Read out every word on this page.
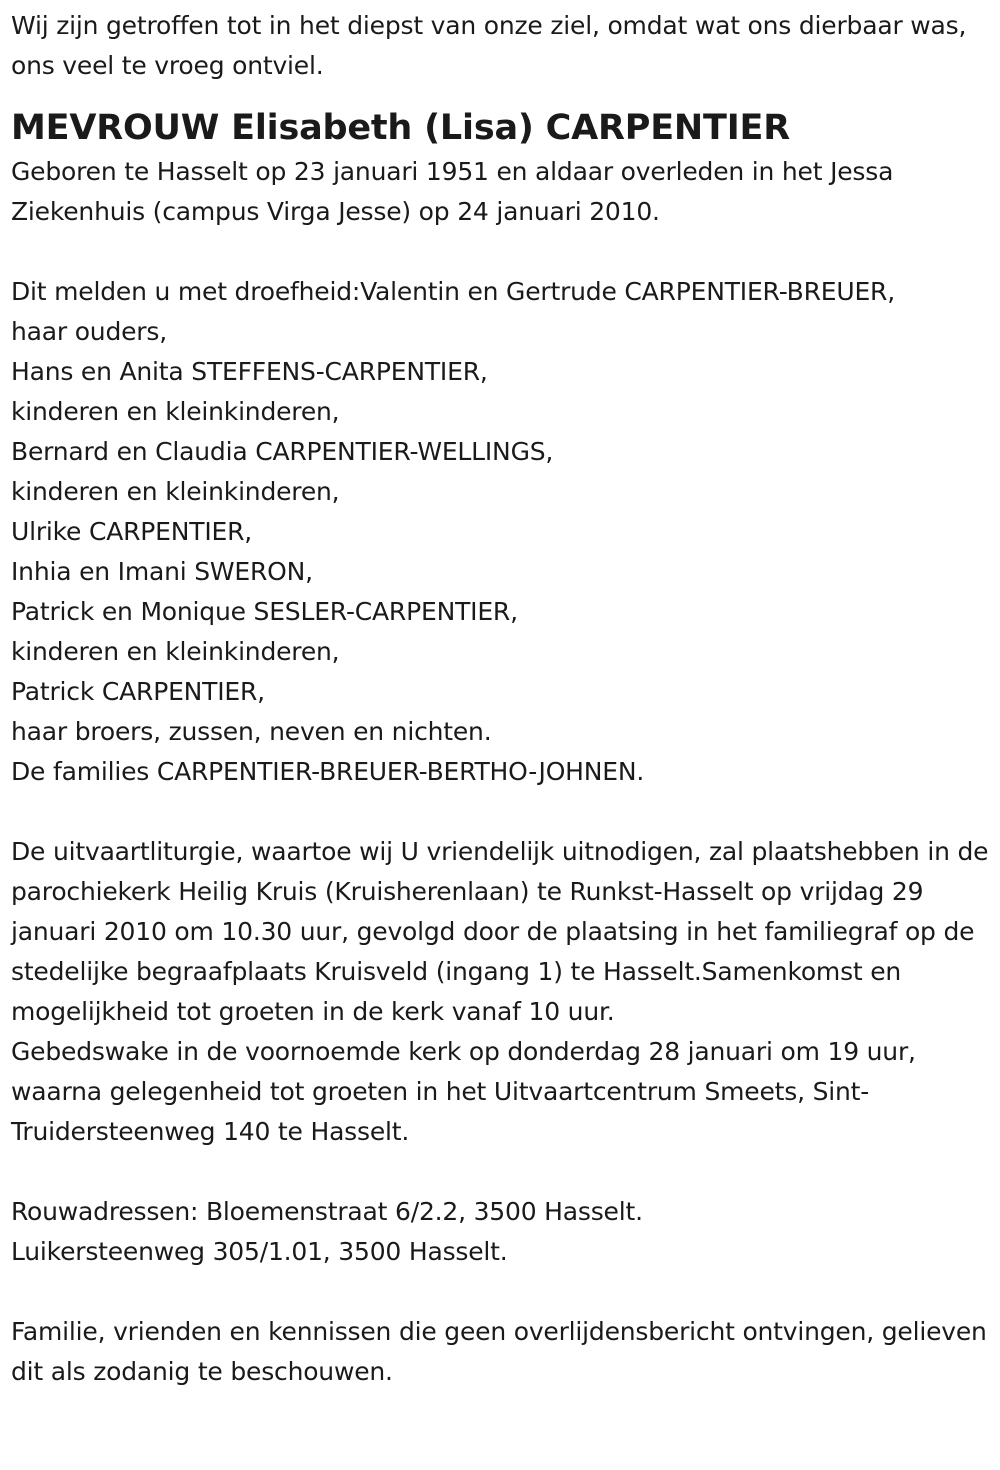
Wij zijn getroffen tot in het diepst van onze ziel, omdat wat ons dierbaar was, ons veel te vroeg ontviel.

MEVROUW Elisabeth (Lisa) CARPENTIER

Geboren te Hasselt op 23 januari 1951 en aldaar overleden in het Jessa Ziekenhuis (campus Virga Jesse) op 24 januari 2010.

Dit melden u met droefheid:Valentin en Gertrude CARPENTIER-BREUER,
haar ouders,
Hans en Anita STEFFENS-CARPENTIER,
kinderen en kleinkinderen,
Bernard en Claudia CARPENTIER-WELLINGS,
kinderen en kleinkinderen,
Ulrike CARPENTIER,
Inhia en Imani SWERON,
Patrick en Monique SESLER-CARPENTIER,
kinderen en kleinkinderen,
Patrick CARPENTIER,
haar broers, zussen, neven en nichten.
De families CARPENTIER-BREUER-BERTHO-JOHNEN.

De uitvaartliturgie, waartoe wij U vriendelijk uitnodigen, zal plaatshebben in de parochiekerk Heilig Kruis (Kruisherenlaan) te Runkst-Hasselt op vrijdag 29 januari 2010 om 10.30 uur, gevolgd door de plaatsing in het familiegraf op de stedelijke begraafplaats Kruisveld (ingang 1) te Hasselt.Samenkomst en mogelijkheid tot groeten in de kerk vanaf 10 uur.

Gebedswake in de voornoemde kerk op donderdag 28 januari om 19 uur, waarna gelegenheid tot groeten in het Uitvaartcentrum Smeets, Sint-Truidersteenweg 140 te Hasselt.

Rouwadressen: Bloemenstraat 6/2.2, 3500 Hasselt.
Luikersteenweg 305/1.01, 3500 Hasselt.

Familie, vrienden en kennissen die geen overlijdensbericht ontvingen, gelieven dit als zodanig te beschouwen.
